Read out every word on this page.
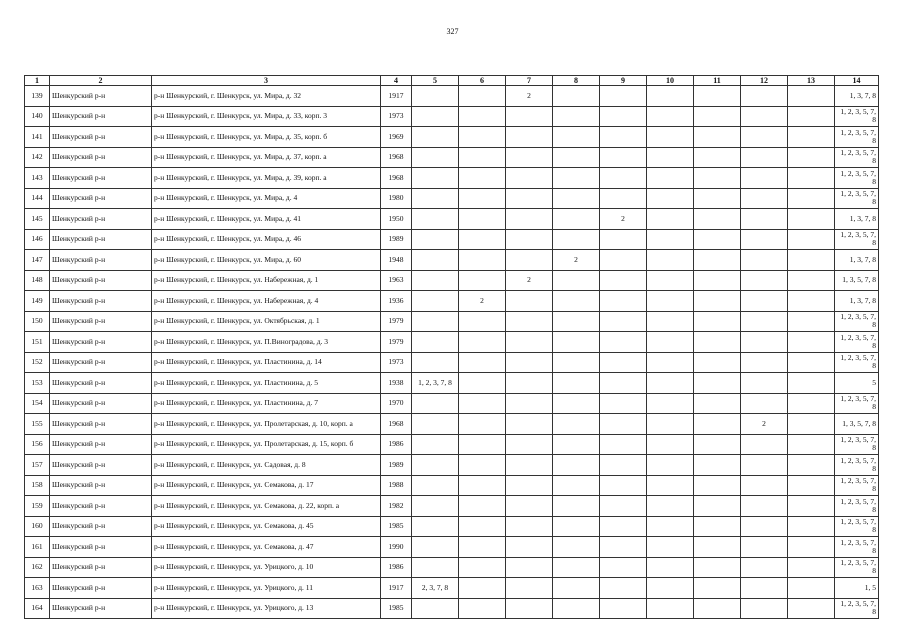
327
1	2	3	4	5	6	7	8	9	10	11	12	13	14
139	Шенкурский р-н	р-н Шенкурский, г. Шенкурск, ул. Мира, д. 32	1917			2							1, 3, 7, 8
140	Шенкурский р-н	р-н Шенкурский, г. Шенкурск, ул. Мира, д. 33, корп. 3	1973										1, 2, 3, 5, 7, 8
141	Шенкурский р-н	р-н Шенкурский, г. Шенкурск, ул. Мира, д. 35, корп. б	1969										1, 2, 3, 5, 7, 8
142	Шенкурский р-н	р-н Шенкурский, г. Шенкурск, ул. Мира, д. 37, корп. а	1968										1, 2, 3, 5, 7, 8
143	Шенкурский р-н	р-н Шенкурский, г. Шенкурск, ул. Мира, д. 39, корп. а	1968										1, 2, 3, 5, 7, 8
144	Шенкурский р-н	р-н Шенкурский, г. Шенкурск, ул. Мира, д. 4	1980										1, 2, 3, 5, 7, 8
145	Шенкурский р-н	р-н Шенкурский, г. Шенкурск, ул. Мира, д. 41	1950					2					1, 3, 7, 8
146	Шенкурский р-н	р-н Шенкурский, г. Шенкурск, ул. Мира, д. 46	1989										1, 2, 3, 5, 7, 8
147	Шенкурский р-н	р-н Шенкурский, г. Шенкурск, ул. Мира, д. 60	1948				2						1, 3, 7, 8
148	Шенкурский р-н	р-н Шенкурский, г. Шенкурск, ул. Набережная, д. 1	1963			2							1, 3, 5, 7, 8
149	Шенкурский р-н	р-н Шенкурский, г. Шенкурск, ул. Набережная, д. 4	1936		2								1, 3, 7, 8
150	Шенкурский р-н	р-н Шенкурский, г. Шенкурск, ул. Октябрьская, д. 1	1979										1, 2, 3, 5, 7, 8
151	Шенкурский р-н	р-н Шенкурский, г. Шенкурск, ул. П.Виноградова, д. 3	1979										1, 2, 3, 5, 7, 8
152	Шенкурский р-н	р-н Шенкурский, г. Шенкурск, ул. Пластинина, д. 14	1973										1, 2, 3, 5, 7, 8
153	Шенкурский р-н	р-н Шенкурский, г. Шенкурск, ул. Пластинина, д. 5	1938	1, 2, 3, 7, 8									5
154	Шенкурский р-н	р-н Шенкурский, г. Шенкурск, ул. Пластинина, д. 7	1970										1, 2, 3, 5, 7, 8
155	Шенкурский р-н	р-н Шенкурский, г. Шенкурск, ул. Пролетарская, д. 10, корп. а	1968								2		1, 3, 5, 7, 8
156	Шенкурский р-н	р-н Шенкурский, г. Шенкурск, ул. Пролетарская, д. 15, корп. б	1986										1, 2, 3, 5, 7, 8
157	Шенкурский р-н	р-н Шенкурский, г. Шенкурск, ул. Садовая, д. 8	1989										1, 2, 3, 5, 7, 8
158	Шенкурский р-н	р-н Шенкурский, г. Шенкурск, ул. Семакова, д. 17	1988										1, 2, 3, 5, 7, 8
159	Шенкурский р-н	р-н Шенкурский, г. Шенкурск, ул. Семакова, д. 22, корп. а	1982										1, 2, 3, 5, 7, 8
160	Шенкурский р-н	р-н Шенкурский, г. Шенкурск, ул. Семакова, д. 45	1985										1, 2, 3, 5, 7, 8
161	Шенкурский р-н	р-н Шенкурский, г. Шенкурск, ул. Семакова, д. 47	1990										1, 2, 3, 5, 7, 8
162	Шенкурский р-н	р-н Шенкурский, г. Шенкурск, ул. Урицкого, д. 10	1986										1, 2, 3, 5, 7, 8
163	Шенкурский р-н	р-н Шенкурский, г. Шенкурск, ул. Урицкого, д. 11	1917	2, 3, 7, 8									1, 5
164	Шенкурский р-н	р-н Шенкурский, г. Шенкурск, ул. Урицкого, д. 13	1985										1, 2, 3, 5, 7, 8
